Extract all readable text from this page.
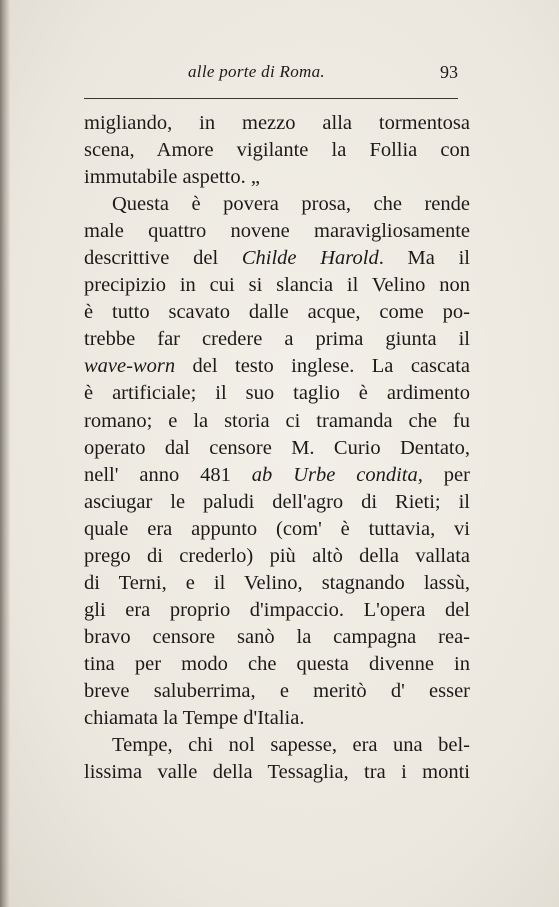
alle porte di Roma.	93
migliando, in mezzo alla tormentosa
scena, Amore vigilante la Follia con
immutabile aspetto. „
Questa è povera prosa, che rende
male quattro novene maravigliosamente
descrittive del Childe Harold. Ma il
precipizio in cui si slancia il Velino non
è tutto scavato dalle acque, come po-
trebbe far credere a prima giunta il
wave-worn del testo inglese. La cascata
è artificiale; il suo taglio è ardimento
romano; e la storia ci tramanda che fu
operato dal censore M. Curio Dentato,
nell' anno 481 ab Urbe condita, per
asciugar le paludi dell'agro di Rieti; il
quale era appunto (com' è tuttavia, vi
prego di crederlo) più altò della vallata
di Terni, e il Velino, stagnando lassù,
gli era proprio d'impaccio. L'opera del
bravo censore sanò la campagna rea-
tina per modo che questa divenne in
breve saluberrima, e meritò d' esser
chiamata la Tempe d'Italia.
Tempe, chi nol sapesse, era una bel-
lissima valle della Tessaglia, tra i monti
